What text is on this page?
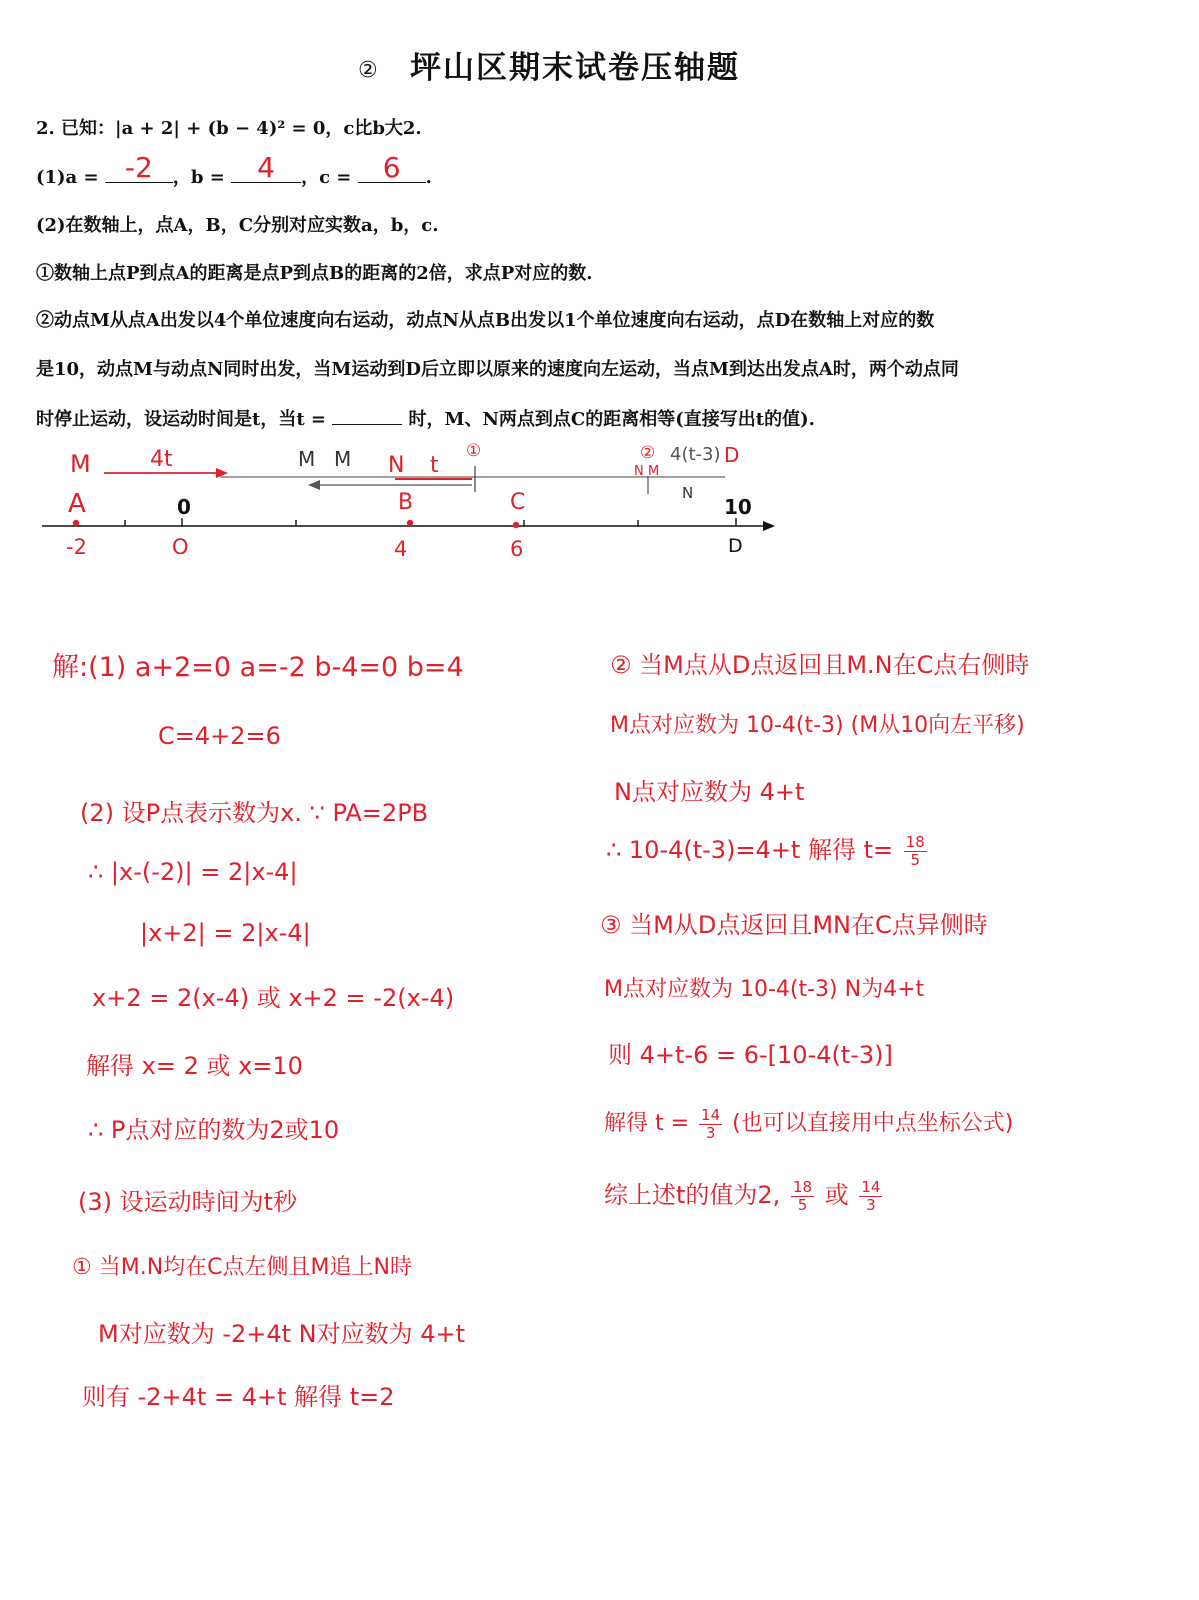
② 坪山区期末试卷压轴题
2. 已知：|a + 2| + (b − 4)² = 0，c比b大2.
(1)a = -2	，b =	4	，c =	6	.
(2)在数轴上，点A，B，C分别对应实数a，b，c.
①数轴上点P到点A的距离是点P到点B的距离的2倍，求点P对应的数.
②动点M从点A出发以4个单位速度向右运动，动点N从点B出发以1个单位速度向右运动，点D在数轴上对应的数
是10，动点M与动点N同时出发，当M运动到D后立即以原来的速度向左运动，当点M到达出发点A时，两个动点同
时停止运动，设运动时间是t，当t =	时，M、N两点到点C的距离相等(直接写出t的值).
0	B	C	10
A
-2	O	4	6	D
M	4t	M M N t
①	②
N M
4(t-3) D
N
解:(1) a+2=0 a=-2 b-4=0 b=4
C=4+2=6
(2) 设P点表示数为x. ∵ PA=2PB
∴ |x-(-2)| = 2|x-4|
|x+2| = 2|x-4|
x+2 = 2(x-4) 或 x+2 = -2(x-4)
解得 x= 2 或 x=10
∴ P点对应的数为2或10
(3) 设运动時间为t秒
① 当M.N均在C点左侧且M追上N時
M对应数为 -2+4t N对应数为 4+t
则有 -2+4t = 4+t 解得 t=2
② 当M点从D点返回且M.N在C点右侧時
M点对应数为 10-4(t-3) (M从10向左平移)
N点对应数为 4+t
∴ 10-4(t-3)=4+t 解得 $t= \frac{18}{5}$
③ 当M从D点返回且MN在C点异侧時
M点对应数为 10-4(t-3) N为4+t
则 4+t-6 = 6-[10-4(t-3)]
解得 $t = \frac{14}{3}$ (也可以直接用中点坐标公式)
综上述t的值为2, $\frac{18}{5}$ 或 $\frac{14}{3}$
